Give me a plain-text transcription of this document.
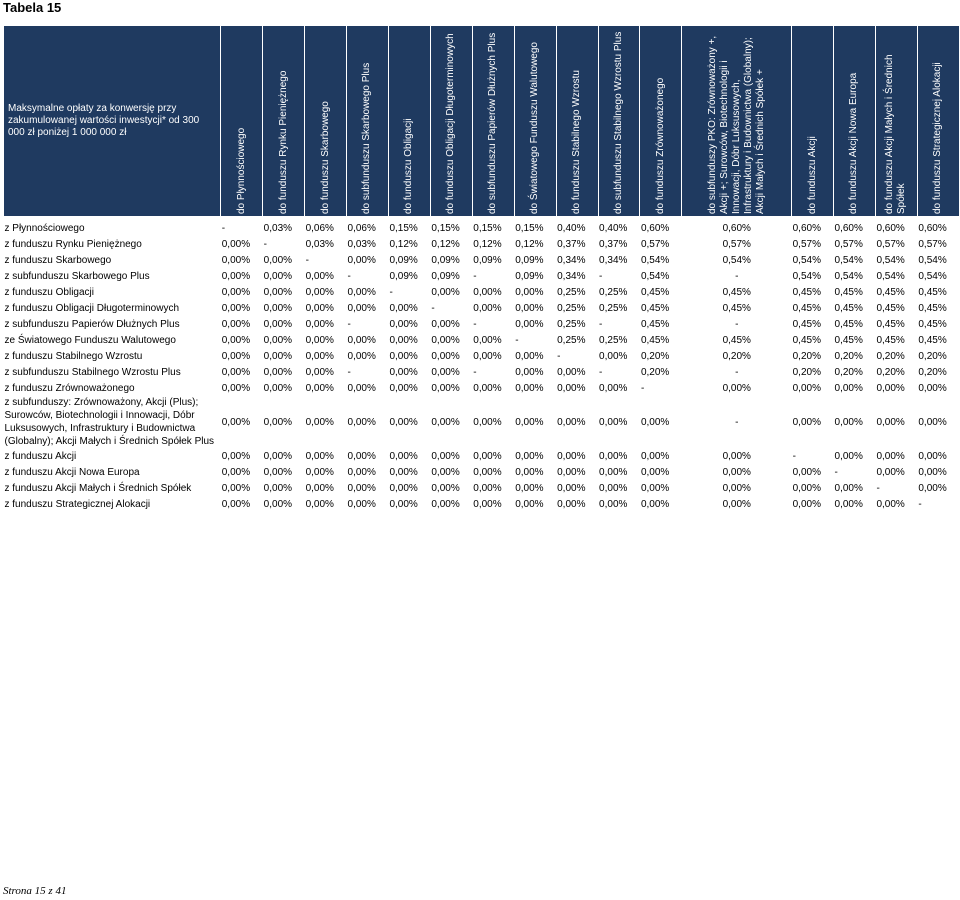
Tabela 15
Maksymalne opłaty za konwersję przy zakumulowanej wartości inwestycji* od 300 000 zł poniżej 1 000 000 zł	do Płynnościowego	do funduszu Rynku Pieniężnego	do funduszu Skarbowego	do subfunduszu Skarbowego Plus	do funduszu Obligacji	do funduszu Obligacji Długoterminowych	do subfunduszu Papierów Dłużnych Plus	do Światowego Funduszu Walutowego	do funduszu Stabilnego Wzrostu	do subfunduszu Stabilnego Wzrostu Plus	do funduszu Zrównoważonego	do subfunduszy PKO: Zrównoważony +, Akcji +; Surowców, Biotechnologii i Innowacji, Dóbr Luksusowych, Infrastruktury i Budownictwa (Globalny); Akcji Małych i Średnich Spółek +	do funduszu Akcji	do funduszu Akcji Nowa Europa	do funduszu Akcji Małych i Średnich Spółek	do funduszu Strategicznej Alokacji

z Płynnościowego	-	0,03%	0,06%	0,06%	0,15%	0,15%	0,15%	0,15%	0,40%	0,40%	0,60%	0,60%	0,60%	0,60%	0,60%	0,60%
z funduszu Rynku Pieniężnego	0,00%	-	0,03%	0,03%	0,12%	0,12%	0,12%	0,12%	0,37%	0,37%	0,57%	0,57%	0,57%	0,57%	0,57%	0,57%
z funduszu Skarbowego	0,00%	0,00%	-	0,00%	0,09%	0,09%	0,09%	0,09%	0,34%	0,34%	0,54%	0,54%	0,54%	0,54%	0,54%	0,54%
z subfunduszu Skarbowego Plus	0,00%	0,00%	0,00%	-	0,09%	0,09%	-	0,09%	0,34%	-	0,54%	-	0,54%	0,54%	0,54%	0,54%
z funduszu Obligacji	0,00%	0,00%	0,00%	0,00%	-	0,00%	0,00%	0,00%	0,25%	0,25%	0,45%	0,45%	0,45%	0,45%	0,45%	0,45%
z funduszu Obligacji Długoterminowych	0,00%	0,00%	0,00%	0,00%	0,00%	-	0,00%	0,00%	0,25%	0,25%	0,45%	0,45%	0,45%	0,45%	0,45%	0,45%
z subfunduszu Papierów Dłużnych Plus	0,00%	0,00%	0,00%	-	0,00%	0,00%	-	0,00%	0,25%	-	0,45%	-	0,45%	0,45%	0,45%	0,45%
ze Światowego Funduszu Walutowego	0,00%	0,00%	0,00%	0,00%	0,00%	0,00%	0,00%	-	0,25%	0,25%	0,45%	0,45%	0,45%	0,45%	0,45%	0,45%
z funduszu Stabilnego Wzrostu	0,00%	0,00%	0,00%	0,00%	0,00%	0,00%	0,00%	0,00%	-	0,00%	0,20%	0,20%	0,20%	0,20%	0,20%	0,20%
z subfunduszu Stabilnego Wzrostu Plus	0,00%	0,00%	0,00%	-	0,00%	0,00%	-	0,00%	0,00%	-	0,20%	-	0,20%	0,20%	0,20%	0,20%
z funduszu Zrównoważonego	0,00%	0,00%	0,00%	0,00%	0,00%	0,00%	0,00%	0,00%	0,00%	0,00%	-	0,00%	0,00%	0,00%	0,00%	0,00%
z subfunduszy: Zrównoważony, Akcji (Plus); Surowców, Biotechnologii i Innowacji, Dóbr Luksusowych, Infrastruktury i Budownictwa (Globalny); Akcji Małych i Średnich Spółek Plus	0,00%	0,00%	0,00%	0,00%	0,00%	0,00%	0,00%	0,00%	0,00%	0,00%	0,00%	-	0,00%	0,00%	0,00%	0,00%
z funduszu Akcji	0,00%	0,00%	0,00%	0,00%	0,00%	0,00%	0,00%	0,00%	0,00%	0,00%	0,00%	0,00%	-	0,00%	0,00%	0,00%
z funduszu Akcji Nowa Europa	0,00%	0,00%	0,00%	0,00%	0,00%	0,00%	0,00%	0,00%	0,00%	0,00%	0,00%	0,00%	0,00%	-	0,00%	0,00%
z funduszu Akcji Małych i Średnich Spółek	0,00%	0,00%	0,00%	0,00%	0,00%	0,00%	0,00%	0,00%	0,00%	0,00%	0,00%	0,00%	0,00%	0,00%	-	0,00%
z funduszu Strategicznej Alokacji	0,00%	0,00%	0,00%	0,00%	0,00%	0,00%	0,00%	0,00%	0,00%	0,00%	0,00%	0,00%	0,00%	0,00%	0,00%	-
Strona 15 z 41
